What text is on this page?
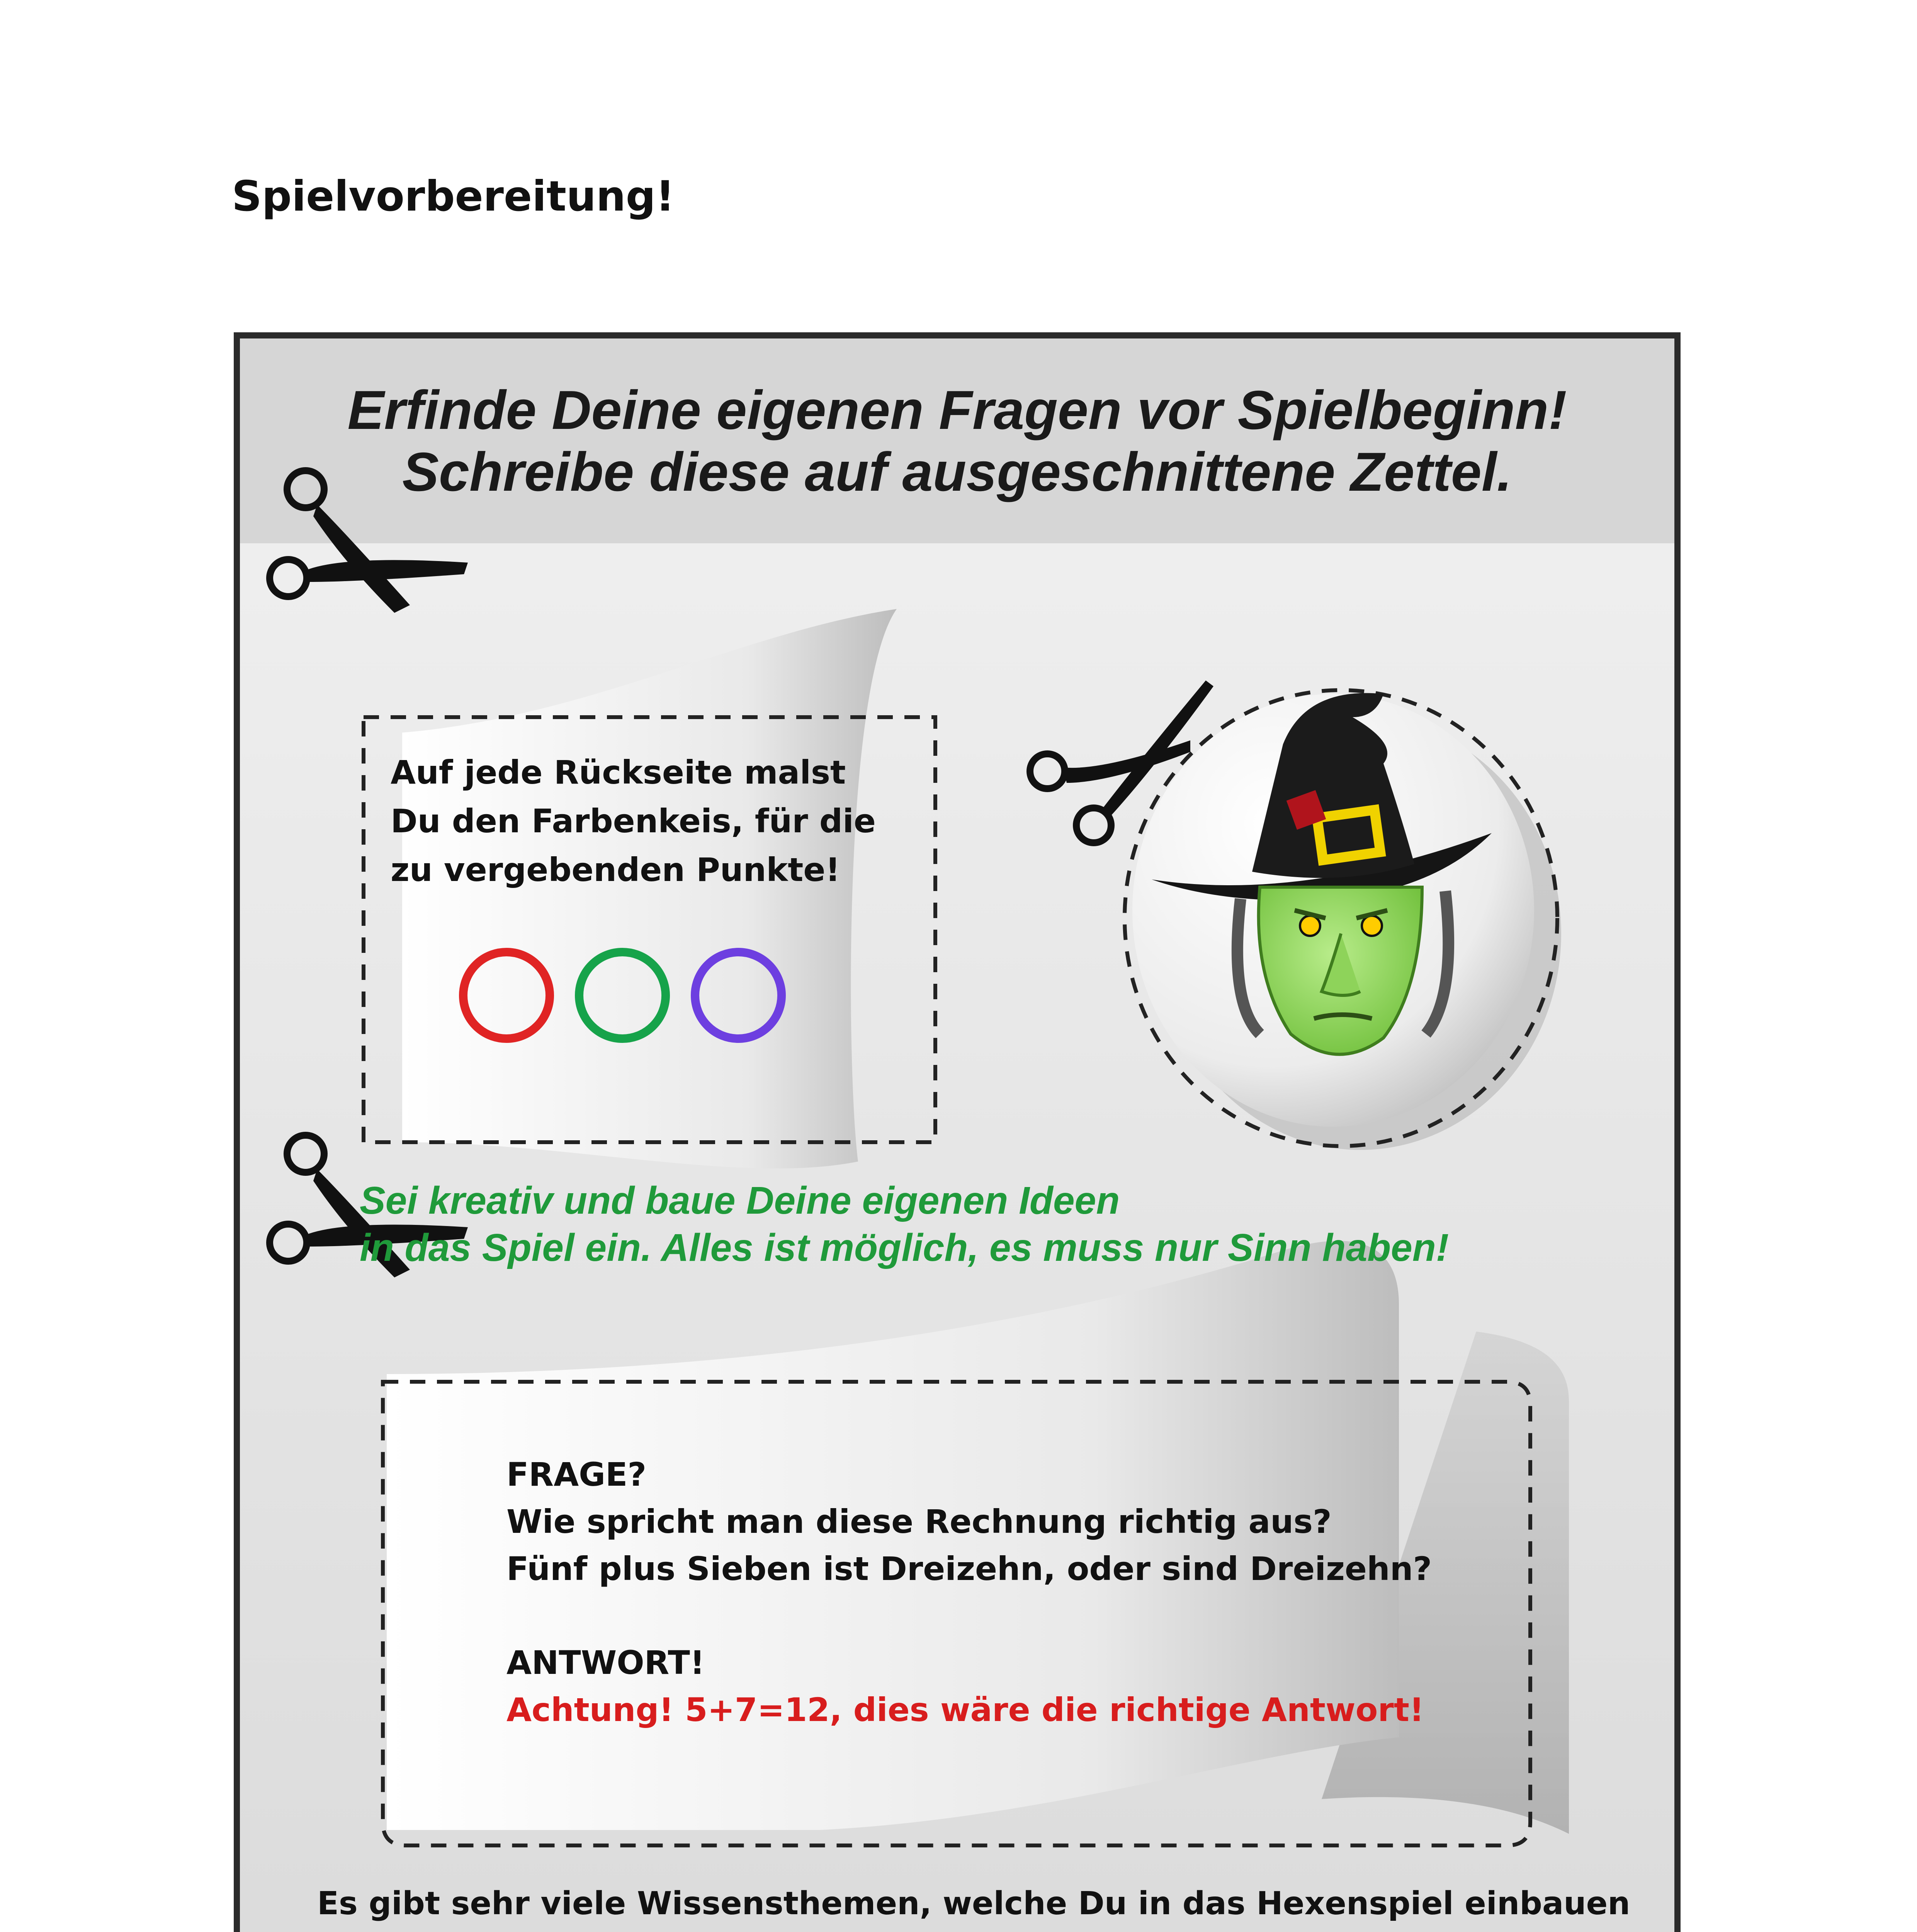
Spielvorbereitung!
Erfinde Deine eigenen Fragen vor Spielbeginn!
Schreibe diese auf ausgeschnittene Zettel.
Auf jede Rückseite malst
Du den Farbenkeis, für die
zu vergebenden Punkte!
Sei kreativ und baue Deine eigenen Ideen
in das Spiel ein. Alles ist möglich, es muss nur Sinn haben!
FRAGE?
Wie spricht man diese Rechnung richtig aus?
Fünf plus Sieben ist Dreizehn, oder sind Dreizehn?
ANTWORT!
Achtung! 5+7=12, dies wäre die richtige Antwort!
Es gibt sehr viele Wissensthemen, welche Du in das Hexenspiel einbauen
